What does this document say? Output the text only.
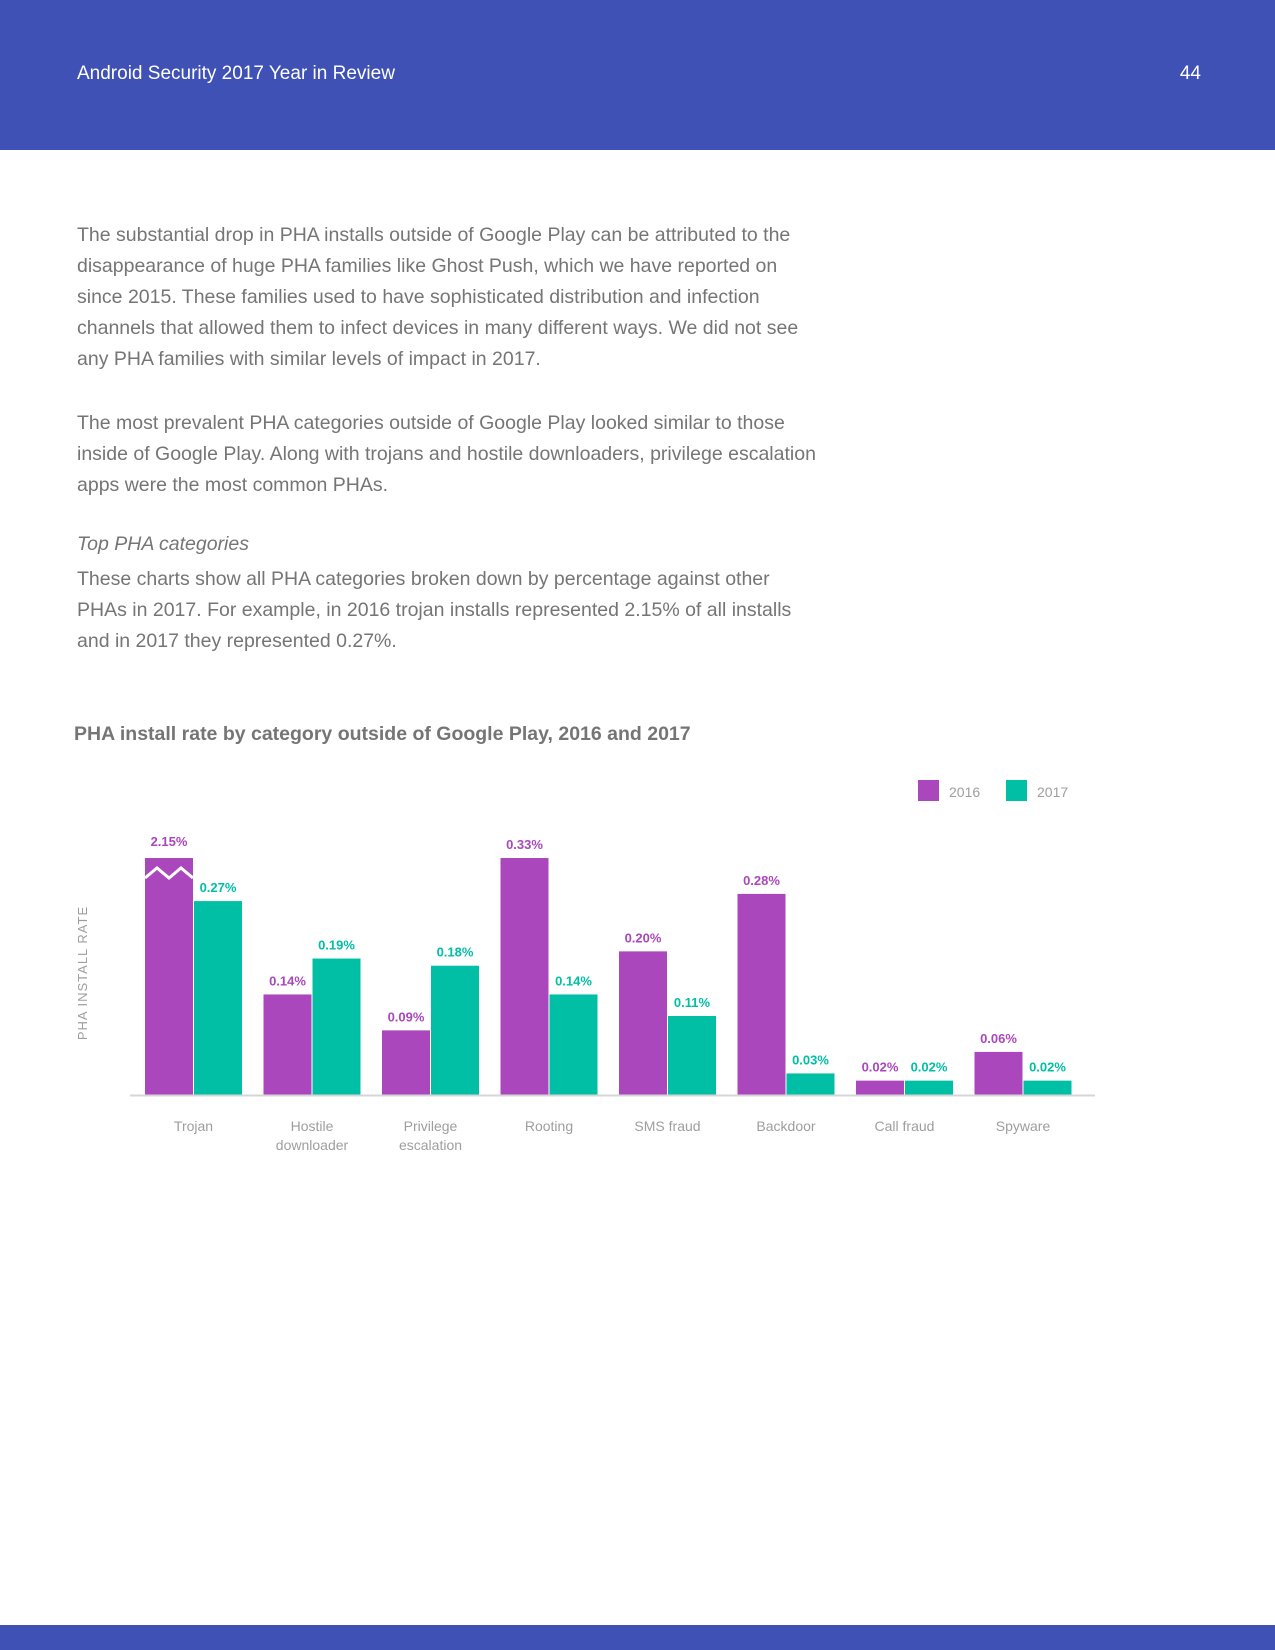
Android Security 2017 Year in Review	44

The substantial drop in PHA installs outside of Google Play can be attributed to the disappearance of huge PHA families like Ghost Push, which we have reported on since 2015. These families used to have sophisticated distribution and infection channels that allowed them to infect devices in many different ways. We did not see any PHA families with similar levels of impact in 2017.

The most prevalent PHA categories outside of Google Play looked similar to those inside of Google Play. Along with trojans and hostile downloaders, privilege escalation apps were the most common PHAs.

Top PHA categories

These charts show all PHA categories broken down by percentage against other PHAs in 2017. For example, in 2016 trojan installs represented 2.15% of all installs and in 2017 they represented 0.27%.

PHA install rate by category outside of Google Play, 2016 and 2017
2.15%
0.27%
Trojan
0.14%
0.19%
Hostile
downloader
0.09%
0.18%
Privilege
escalation
0.33%
0.14%
Rooting
0.20%
0.11%
SMS fraud
0.28%
0.03%
Backdoor
0.02% 0.02%
Call fraud
0.06%
0.02%
Spyware
PHA INSTALL RATE
2016	2017
